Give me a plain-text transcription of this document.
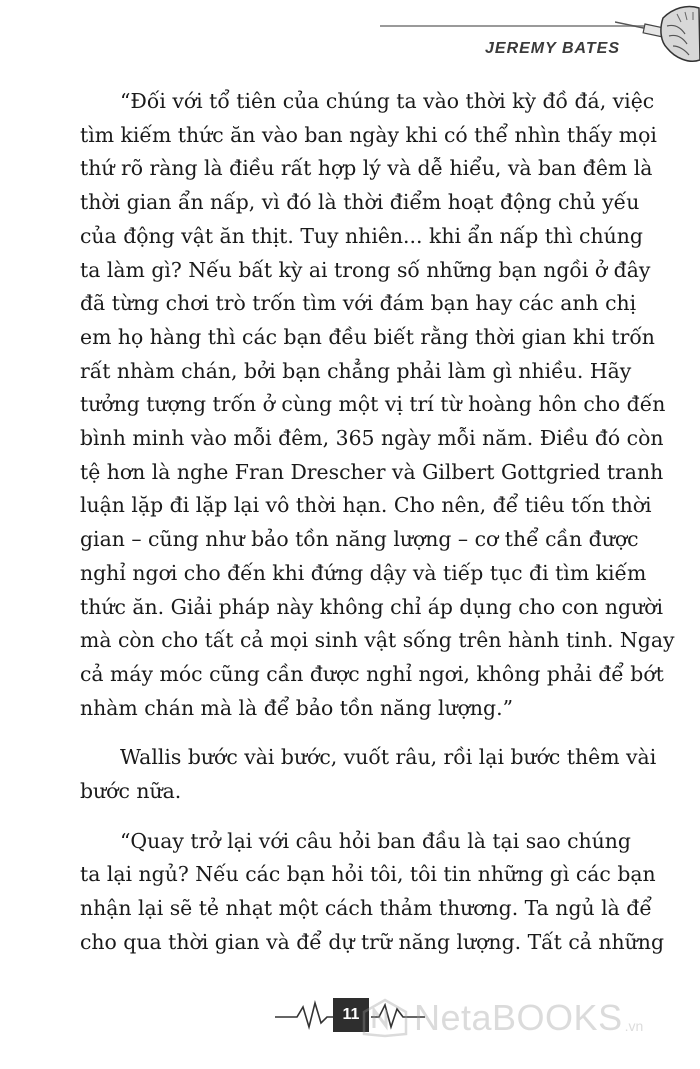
JEREMY BATES

“Đối với tổ tiên của chúng ta vào thời kỳ đồ đá, việc
tìm kiếm thức ăn vào ban ngày khi có thể nhìn thấy mọi
thứ rõ ràng là điều rất hợp lý và dễ hiểu, và ban đêm là
thời gian ẩn nấp, vì đó là thời điểm hoạt động chủ yếu
của động vật ăn thịt. Tuy nhiên... khi ẩn nấp thì chúng
ta làm gì? Nếu bất kỳ ai trong số những bạn ngồi ở đây
đã từng chơi trò trốn tìm với đám bạn hay các anh chị
em họ hàng thì các bạn đều biết rằng thời gian khi trốn
rất nhàm chán, bởi bạn chẳng phải làm gì nhiều. Hãy
tưởng tượng trốn ở cùng một vị trí từ hoàng hôn cho đến
bình minh vào mỗi đêm, 365 ngày mỗi năm. Điều đó còn
tệ hơn là nghe Fran Drescher và Gilbert Gottgried tranh
luận lặp đi lặp lại vô thời hạn. Cho nên, để tiêu tốn thời
gian – cũng như bảo tồn năng lượng – cơ thể cần được
nghỉ ngơi cho đến khi đứng dậy và tiếp tục đi tìm kiếm
thức ăn. Giải pháp này không chỉ áp dụng cho con người
mà còn cho tất cả mọi sinh vật sống trên hành tinh. Ngay
cả máy móc cũng cần được nghỉ ngơi, không phải để bớt
nhàm chán mà là để bảo tồn năng lượng.”

Wallis bước vài bước, vuốt râu, rồi lại bước thêm vài
bước nữa.

“Quay trở lại với câu hỏi ban đầu là tại sao chúng
ta lại ngủ? Nếu các bạn hỏi tôi, tôi tin những gì các bạn
nhận lại sẽ tẻ nhạt một cách thảm thương. Ta ngủ là để
cho qua thời gian và để dự trữ năng lượng. Tất cả những

11 NetaBOOKS .vn
